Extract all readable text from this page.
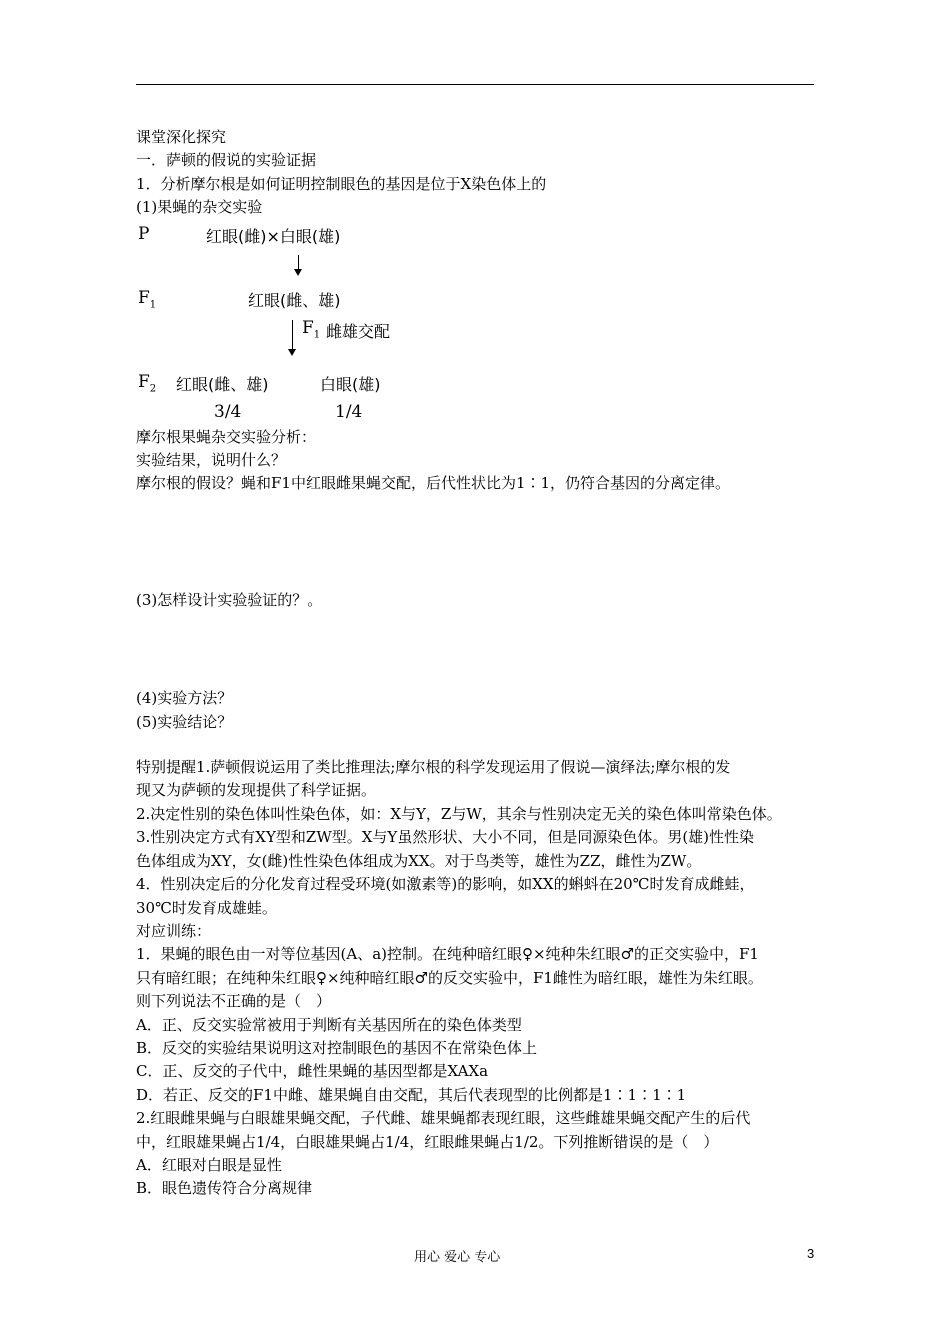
课堂深化探究

一．萨顿的假说的实验证据

1．分析摩尔根是如何证明控制眼色的基因是位于X染色体上的

(1)果蝇的杂交实验

摩尔根果蝇杂交实验分析：

实验结果，说明什么？

摩尔根的假设？蝇和F1中红眼雌果蝇交配，后代性状比为1∶1，仍符合基因的分离定律。

(3)怎样设计实验验证的？。

(4)实验方法？

(5)实验结论？

特别提醒1.萨顿假说运用了类比推理法;摩尔根的科学发现运用了假说—演绎法;摩尔根的发

现又为萨顿的发现提供了科学证据。

2.决定性别的染色体叫性染色体，如：X与Y，Z与W，其余与性别决定无关的染色体叫常染色体。

3.性别决定方式有XY型和ZW型。X与Y虽然形状、大小不同，但是同源染色体。男(雄)性性染

色体组成为XY，女(雌)性性染色体组成为XX。对于鸟类等，雄性为ZZ，雌性为ZW。

4．性别决定后的分化发育过程受环境(如激素等)的影响，如XX的蝌蚪在20℃时发育成雌蛙，

30℃时发育成雄蛙。

对应训练：

1．果蝇的眼色由一对等位基因(A、a)控制。在纯种暗红眼♀×纯种朱红眼♂的正交实验中，F1

只有暗红眼；在纯种朱红眼♀×纯种暗红眼♂的反交实验中，F1雌性为暗红眼，雄性为朱红眼。

则下列说法不正确的是（　）

A．正、反交实验常被用于判断有关基因所在的染色体类型

B．反交的实验结果说明这对控制眼色的基因不在常染色体上

C．正、反交的子代中，雌性果蝇的基因型都是XAXa

D．若正、反交的F1中雌、雄果蝇自由交配，其后代表现型的比例都是1∶1∶1∶1

2.红眼雌果蝇与白眼雄果蝇交配，子代雌、雄果蝇都表现红眼，这些雌雄果蝇交配产生的后代

中，红眼雄果蝇占1/4，白眼雄果蝇占1/4，红眼雌果蝇占1/2。下列推断错误的是（　）

A．红眼对白眼是显性

B．眼色遗传符合分离规律

P	红眼(雌)×白眼(雄)
$F_1$	红眼(雌、雄)
$F_1$ 雌雄交配
$F_2$ 红眼(雌、雄)	白眼(雄)
3/4	1/4
用心 爱心 专心	3
